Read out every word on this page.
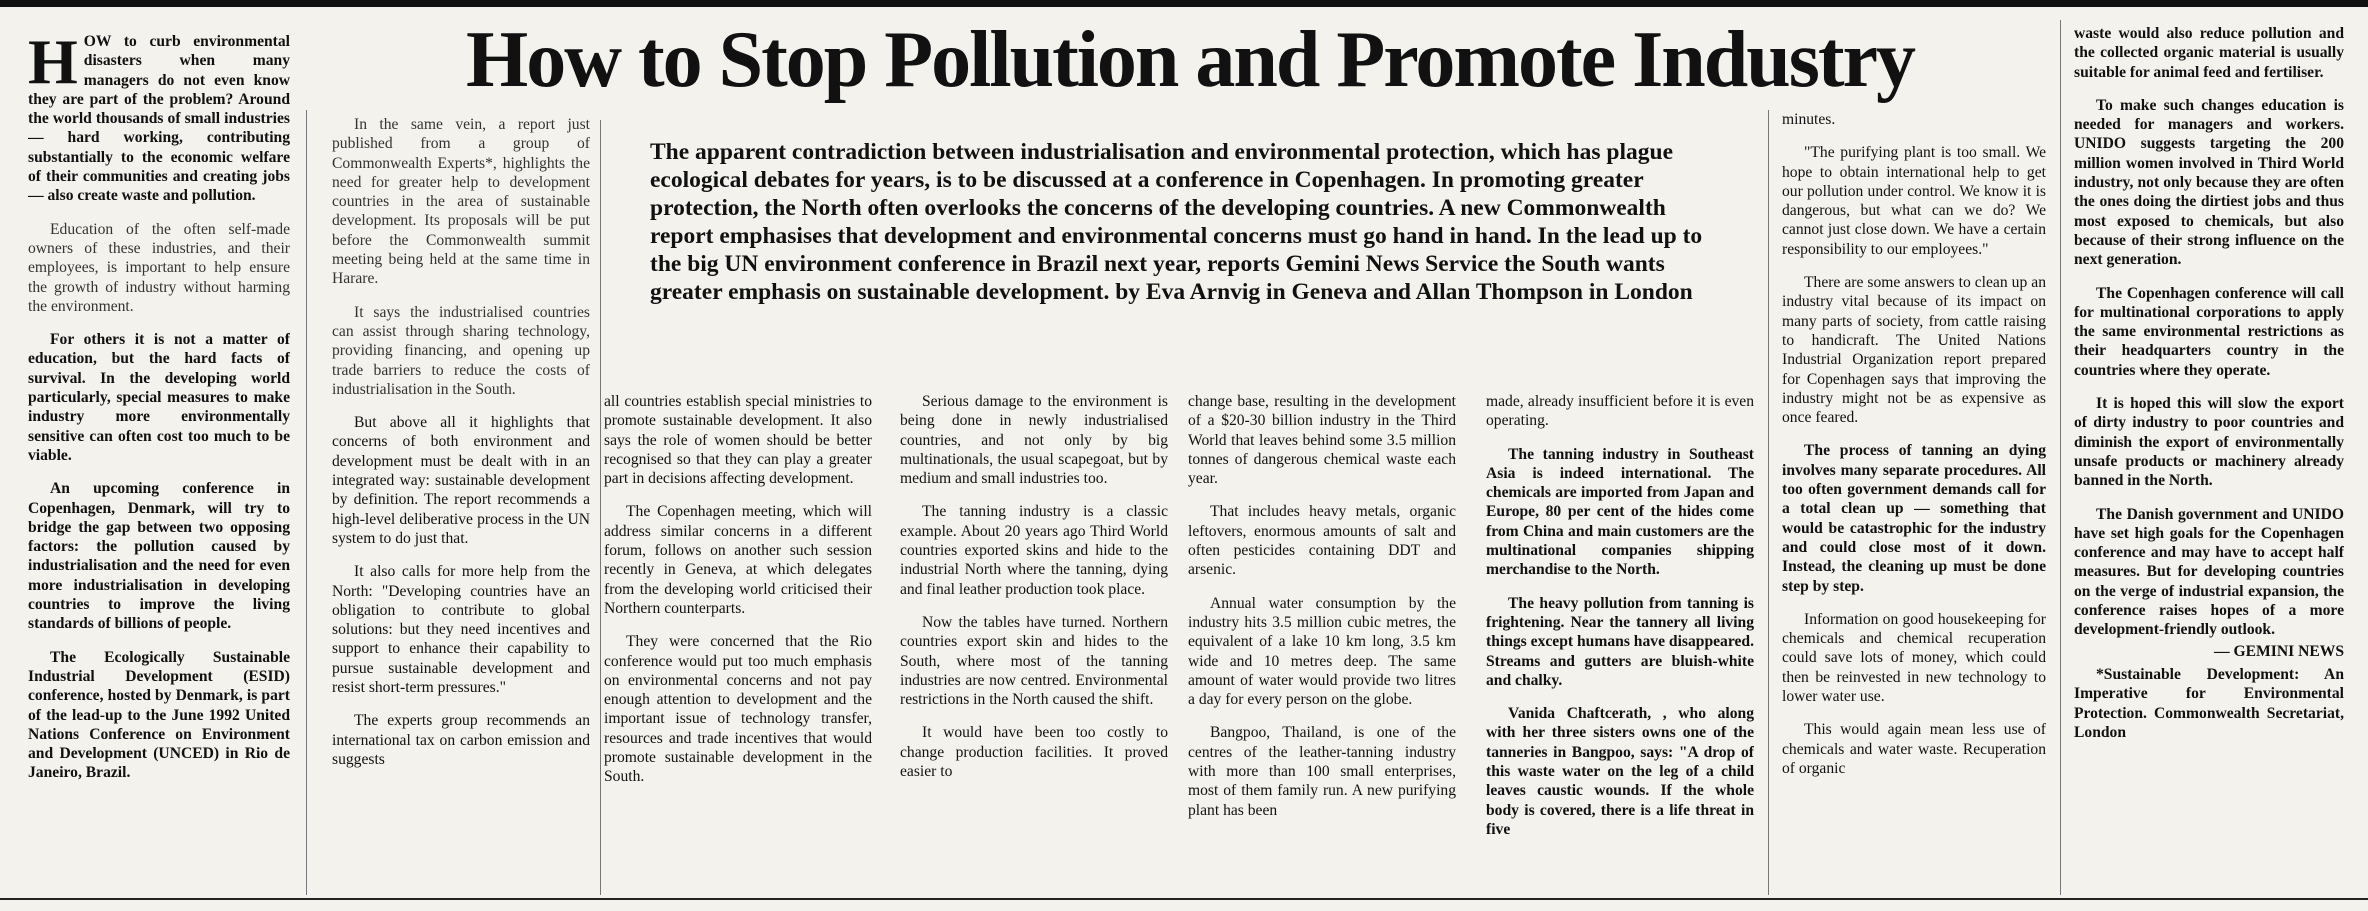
How to Stop Pollution and Promote Industry
The apparent contradiction between industrialisation and environmental protection, which has plague ecological debates for years, is to be discussed at a conference in Copenhagen. In promoting greater protection, the North often overlooks the concerns of the developing countries. A new Commonwealth report emphasises that development and environmental concerns must go hand in hand. In the lead up to the big UN environment conference in Brazil next year, reports Gemini News Service the South wants greater emphasis on sustainable development. by Eva Arnvig in Geneva and Allan Thompson in London

HOW to curb environmental disasters when many managers do not even know they are part of the problem? Around the world thousands of small industries — hard working, contributing substantially to the economic welfare of their communities and creating jobs — also create waste and pollution.

Education of the often self-made owners of these industries, and their employees, is important to help ensure the growth of industry without harming the environment.

For others it is not a matter of education, but the hard facts of survival. In the developing world particularly, special measures to make industry more environmentally sensitive can often cost too much to be viable.

An upcoming conference in Copenhagen, Denmark, will try to bridge the gap between two opposing factors: the pollution caused by industrialisation and the need for even more industrialisation in developing countries to improve the living standards of billions of people.

The Ecologically Sustainable Industrial Development (ESID) conference, hosted by Denmark, is part of the lead-up to the June 1992 United Nations Conference on Environment and Development (UNCED) in Rio de Janeiro, Brazil.

In the same vein, a report just published from a group of Commonwealth Experts*, highlights the need for greater help to development countries in the area of sustainable development. Its proposals will be put before the Commonwealth summit meeting being held at the same time in Harare.

It says the industrialised countries can assist through sharing technology, providing financing, and opening up trade barriers to reduce the costs of industrialisation in the South.

But above all it highlights that concerns of both environment and development must be dealt with in an integrated way: sustainable development by definition. The report recommends a high-level deliberative process in the UN system to do just that.

It also calls for more help from the North: "Developing countries have an obligation to contribute to global solutions: but they need incentives and support to enhance their capability to pursue sustainable development and resist short-term pressures."

The experts group recommends an international tax on carbon emission and suggests

all countries establish special ministries to promote sustainable development. It also says the role of women should be better recognised so that they can play a greater part in decisions affecting development.

The Copenhagen meeting, which will address similar concerns in a different forum, follows on another such session recently in Geneva, at which delegates from the developing world criticised their Northern counterparts.

They were concerned that the Rio conference would put too much emphasis on environmental concerns and not pay enough attention to development and the important issue of technology transfer, resources and trade incentives that would promote sustainable development in the South.

Serious damage to the environment is being done in newly industrialised countries, and not only by big multinationals, the usual scapegoat, but by medium and small industries too.

The tanning industry is a classic example. About 20 years ago Third World countries exported skins and hide to the industrial North where the tanning, dying and final leather production took place.

Now the tables have turned. Northern countries export skin and hides to the South, where most of the tanning industries are now centred. Environmental restrictions in the North caused the shift.

It would have been too costly to change production facilities. It proved easier to

change base, resulting in the development of a $20-30 billion industry in the Third World that leaves behind some 3.5 million tonnes of dangerous chemical waste each year.

That includes heavy metals, organic leftovers, enormous amounts of salt and often pesticides containing DDT and arsenic.

Annual water consumption by the industry hits 3.5 million cubic metres, the equivalent of a lake 10 km long, 3.5 km wide and 10 metres deep. The same amount of water would provide two litres a day for every person on the globe.

Bangpoo, Thailand, is one of the centres of the leather-tanning industry with more than 100 small enterprises, most of them family run. A new purifying plant has been

made, already insufficient before it is even operating.

The tanning industry in Southeast Asia is indeed international. The chemicals are imported from Japan and Europe, 80 per cent of the hides come from China and main customers are the multinational companies shipping merchandise to the North.

The heavy pollution from tanning is frightening. Near the tannery all living things except humans have disappeared. Streams and gutters are bluish-white and chalky.

Vanida Chaftcerath, , who along with her three sisters owns one of the tanneries in Bangpoo, says: "A drop of this waste water on the leg of a child leaves caustic wounds. If the whole body is covered, there is a life threat in five

minutes.

"The purifying plant is too small. We hope to obtain international help to get our pollution under control. We know it is dangerous, but what can we do? We cannot just close down. We have a certain responsibility to our employees."

There are some answers to clean up an industry vital because of its impact on many parts of society, from cattle raising to handicraft. The United Nations Industrial Organization report prepared for Copenhagen says that improving the industry might not be as expensive as once feared.

The process of tanning an dying involves many separate procedures. All too often government demands call for a total clean up — something that would be catastrophic for the industry and could close most of it down. Instead, the cleaning up must be done step by step.

Information on good housekeeping for chemicals and chemical recuperation could save lots of money, which could then be reinvested in new technology to lower water use.

This would again mean less use of chemicals and water waste. Recuperation of organic

waste would also reduce pollution and the collected organic material is usually suitable for animal feed and fertiliser.

To make such changes education is needed for managers and workers. UNIDO suggests targeting the 200 million women involved in Third World industry, not only because they are often the ones doing the dirtiest jobs and thus most exposed to chemicals, but also because of their strong influence on the next generation.

The Copenhagen conference will call for multinational corporations to apply the same environmental restrictions as their headquarters country in the countries where they operate.

It is hoped this will slow the export of dirty industry to poor countries and diminish the export of environmentally unsafe products or machinery already banned in the North.

The Danish government and UNIDO have set high goals for the Copenhagen conference and may have to accept half measures. But for developing countries on the verge of industrial expansion, the conference raises hopes of a more development-friendly outlook.

— GEMINI NEWS

*Sustainable Development: An Imperative for Environmental Protection. Commonwealth Secretariat, London
